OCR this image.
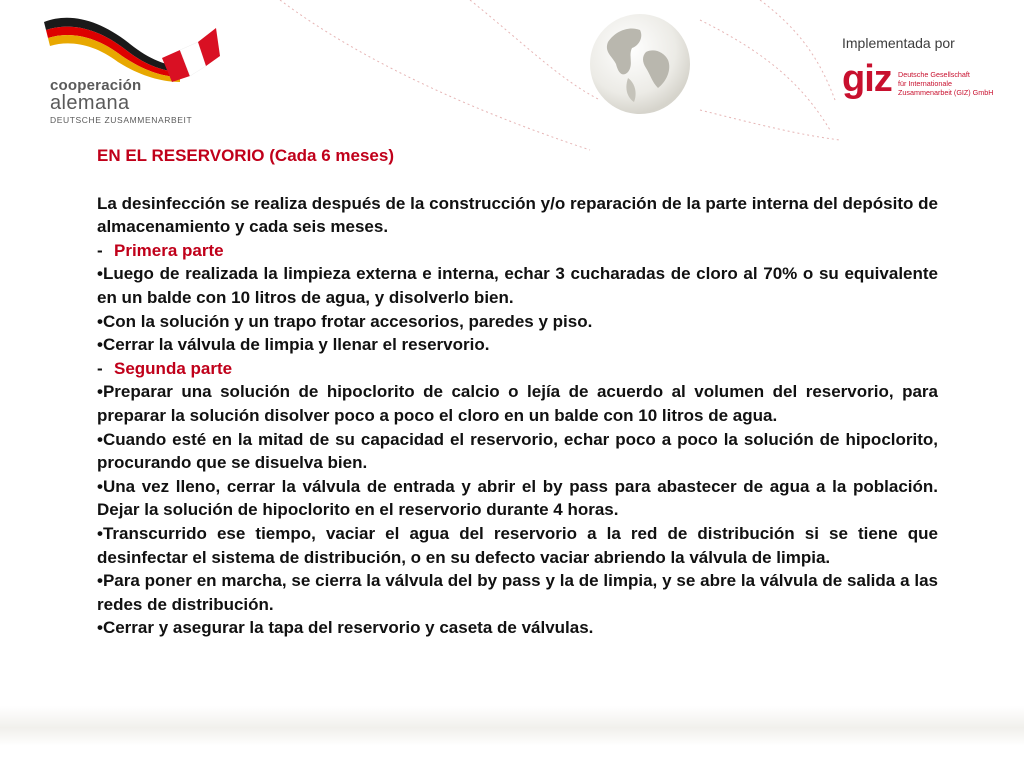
cooperación
alemana
DEUTSCHE ZUSAMMENARBEIT
Implementada por
giz Deutsche Gesellschaft
für Internationale
Zusammenarbeit (GIZ) GmbH

EN EL RESERVORIO (Cada 6 meses)

La desinfección se realiza después de la construcción y/o reparación de la parte interna del depósito de almacenamiento y cada seis meses.

- Primera parte

•Luego de realizada la limpieza externa e interna, echar 3 cucharadas de cloro al 70% o su equivalente en un balde con 10 litros de agua, y disolverlo bien.

•Con la solución y un trapo frotar accesorios, paredes y piso.

•Cerrar la válvula de limpia y llenar el reservorio.

- Segunda parte

•Preparar una solución de hipoclorito de calcio o lejía de acuerdo al volumen del reservorio, para preparar la solución disolver poco a poco el cloro en un balde con 10 litros de agua.

•Cuando esté en la mitad de su capacidad el reservorio, echar poco a poco la solución de hipoclorito, procurando que se disuelva bien.

•Una vez lleno, cerrar la válvula de entrada y abrir el by pass para abastecer de agua a la población. Dejar la solución de hipoclorito en el reservorio durante 4 horas.

•Transcurrido ese tiempo, vaciar el agua del reservorio a la red de distribución si se tiene que desinfectar el sistema de distribución, o en su defecto vaciar abriendo la válvula de limpia.

•Para poner en marcha, se cierra la válvula del by pass y la de limpia, y se abre la válvula de salida a las redes de distribución.

•Cerrar y asegurar la tapa del reservorio y caseta de válvulas.
